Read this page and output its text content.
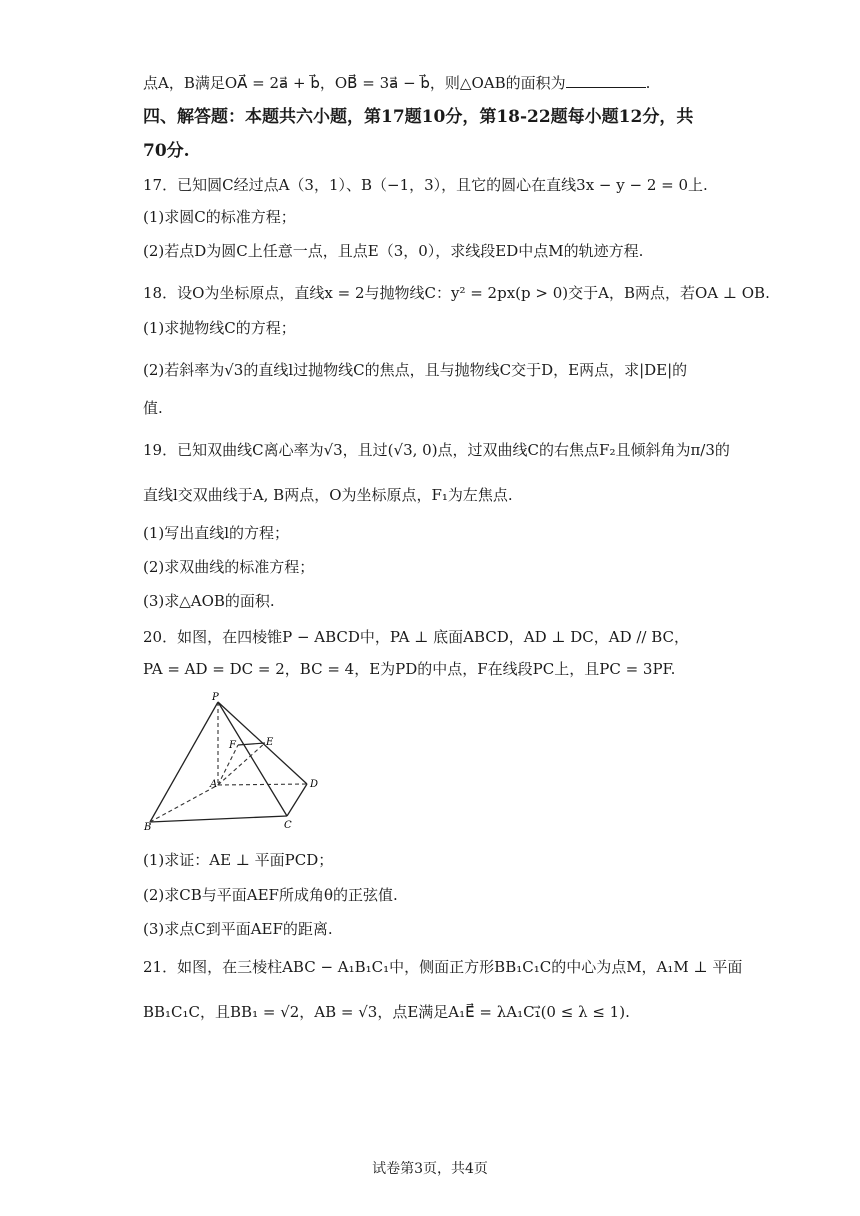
点A，B满足OA⃗ = 2a⃗ + b⃗，OB⃗ = 3a⃗ − b⃗，则△OAB的面积为	.
四、解答题：本题共六小题，第17题10分，第18-22题每小题12分，共
70分.
17．已知圆C经过点A（3，1）、B（−1，3），且它的圆心在直线3x − y − 2 = 0上.
(1)求圆C的标准方程；
(2)若点D为圆C上任意一点，且点E（3，0），求线段ED中点M的轨迹方程.
18．设O为坐标原点，直线x = 2与抛物线C：y² = 2px(p > 0)交于A，B两点，若OA ⊥ OB.
(1)求抛物线C的方程；
(2)若斜率为√3的直线l过抛物线C的焦点，且与抛物线C交于D，E两点，求|DE|的
值.
19．已知双曲线C离心率为√3，且过(√3, 0)点，过双曲线C的右焦点F₂且倾斜角为π/3的
直线l交双曲线于A, B两点，O为坐标原点，F₁为左焦点.
(1)写出直线l的方程；
(2)求双曲线的标准方程；
(3)求△AOB的面积.
20．如图，在四棱锥P − ABCD中，PA ⊥ 底面ABCD，AD ⊥ DC，AD // BC，
PA = AD = DC = 2，BC = 4，E为PD的中点，F在线段PC上，且PC = 3PF.
P
F	E
A	D
B	C
(1)求证：AE ⊥ 平面PCD；
(2)求CB与平面AEF所成角θ的正弦值.
(3)求点C到平面AEF的距离.
21．如图，在三棱柱ABC − A₁B₁C₁中，侧面正方形BB₁C₁C的中心为点M，A₁M ⊥ 平面
BB₁C₁C，且BB₁ = √2，AB = √3，点E满足A₁E⃗ = λA₁C₁⃗(0 ≤ λ ≤ 1).
试卷第3页，共4页
